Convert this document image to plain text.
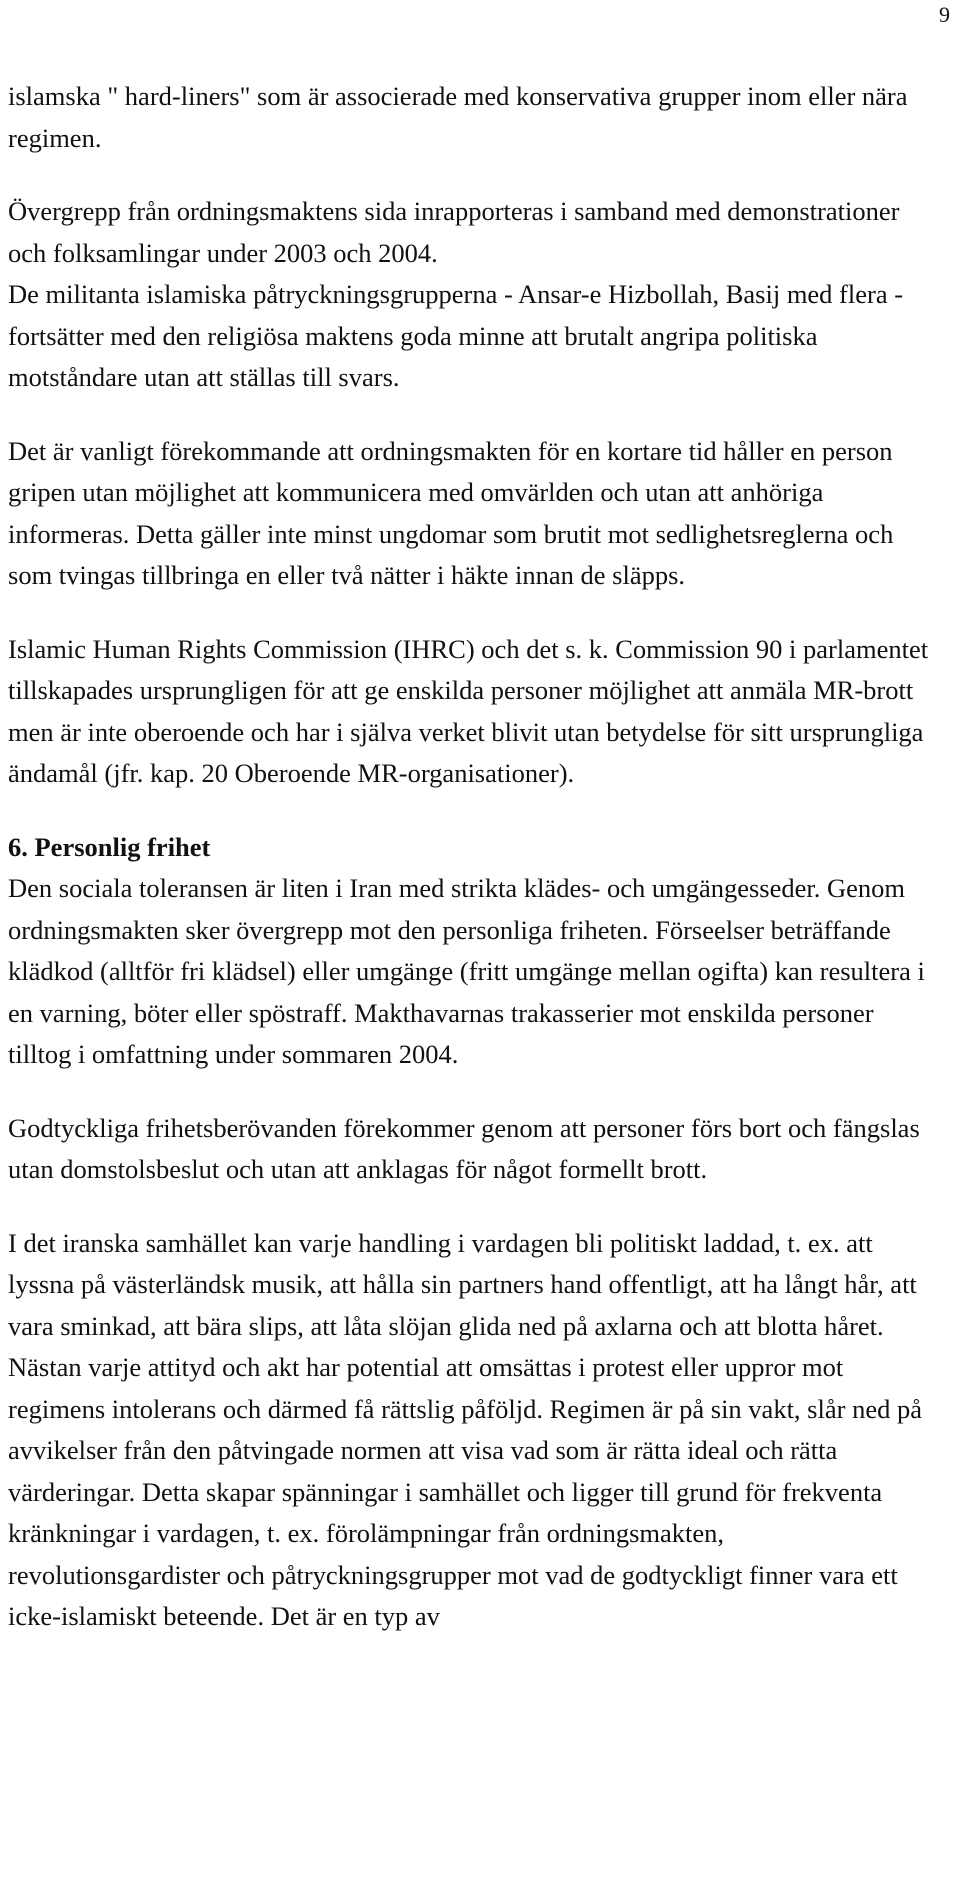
9

islamska " hard-liners" som är associerade med konservativa grupper inom eller nära regimen.

Övergrepp från ordningsmaktens sida inrapporteras i samband med demonstrationer och folksamlingar under 2003 och 2004.

De militanta islamiska påtryckningsgrupperna - Ansar-e Hizbollah, Basij med flera - fortsätter med den religiösa maktens goda minne att brutalt angripa politiska motståndare utan att ställas till svars.

Det är vanligt förekommande att ordningsmakten för en kortare tid håller en person gripen utan möjlighet att kommunicera med omvärlden och utan att anhöriga informeras. Detta gäller inte minst ungdomar som brutit mot sedlighetsreglerna och som tvingas tillbringa en eller två nätter i häkte innan de släpps.

Islamic Human Rights Commission (IHRC) och det s. k. Commission 90 i parlamentet tillskapades ursprungligen för att ge enskilda personer möjlighet att anmäla MR-brott men är inte oberoende och har i själva verket blivit utan betydelse för sitt ursprungliga ändamål (jfr. kap. 20 Oberoende MR-organisationer).

6. Personlig frihet

Den sociala toleransen är liten i Iran med strikta klädes- och umgängesseder. Genom ordningsmakten sker övergrepp mot den personliga friheten. Förseelser beträffande klädkod (alltför fri klädsel) eller umgänge (fritt umgänge mellan ogifta) kan resultera i en varning, böter eller spöstraff. Makthavarnas trakasserier mot enskilda personer tilltog i omfattning under sommaren 2004.

Godtyckliga frihetsberövanden förekommer genom att personer förs bort och fängslas utan domstolsbeslut och utan att anklagas för något formellt brott.

I det iranska samhället kan varje handling i vardagen bli politiskt laddad, t. ex. att lyssna på västerländsk musik, att hålla sin partners hand offentligt, att ha långt hår, att vara sminkad, att bära slips, att låta slöjan glida ned på axlarna och att blotta håret. Nästan varje attityd och akt har potential att omsättas i protest eller uppror mot regimens intolerans och därmed få rättslig påföljd. Regimen är på sin vakt, slår ned på avvikelser från den påtvingade normen att visa vad som är rätta ideal och rätta värderingar. Detta skapar spänningar i samhället och ligger till grund för frekventa kränkningar i vardagen, t. ex. förolämpningar från ordningsmakten, revolutionsgardister och påtryckningsgrupper mot vad de godtyckligt finner vara ett icke-islamiskt beteende. Det är en typ av
